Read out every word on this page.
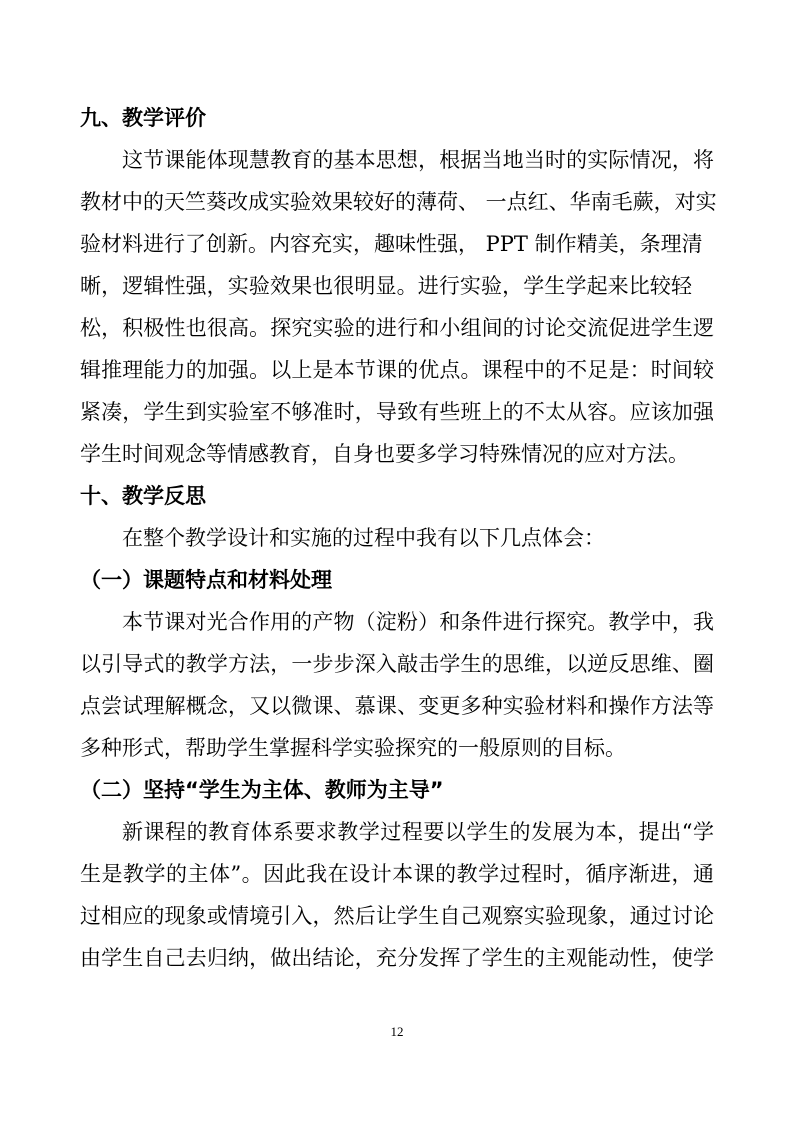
九、教学评价
这节课能体现慧教育的基本思想，根据当地当时的实际情况，将
教材中的天竺葵改成实验效果较好的薄荷、 一点红、华南毛蕨，对实
验材料进行了创新。内容充实，趣味性强， PPT 制作精美，条理清
晰，逻辑性强，实验效果也很明显。进行实验，学生学起来比较轻
松，积极性也很高。探究实验的进行和小组间的讨论交流促进学生逻
辑推理能力的加强。以上是本节课的优点。课程中的不足是：时间较
紧凑，学生到实验室不够准时，导致有些班上的不太从容。应该加强
学生时间观念等情感教育，自身也要多学习特殊情况的应对方法。
十、教学反思
在整个教学设计和实施的过程中我有以下几点体会：
（一）课题特点和材料处理
本节课对光合作用的产物（淀粉）和条件进行探究。教学中，我
以引导式的教学方法，一步步深入敲击学生的思维，以逆反思维、圈
点尝试理解概念，又以微课、慕课、变更多种实验材料和操作方法等
多种形式，帮助学生掌握科学实验探究的一般原则的目标。
（二）坚持“学生为主体、教师为主导”
新课程的教育体系要求教学过程要以学生的发展为本，提出“学
生是教学的主体”。因此我在设计本课的教学过程时，循序渐进，通
过相应的现象或情境引入，然后让学生自己观察实验现象，通过讨论
由学生自己去归纳，做出结论，充分发挥了学生的主观能动性，使学
12
